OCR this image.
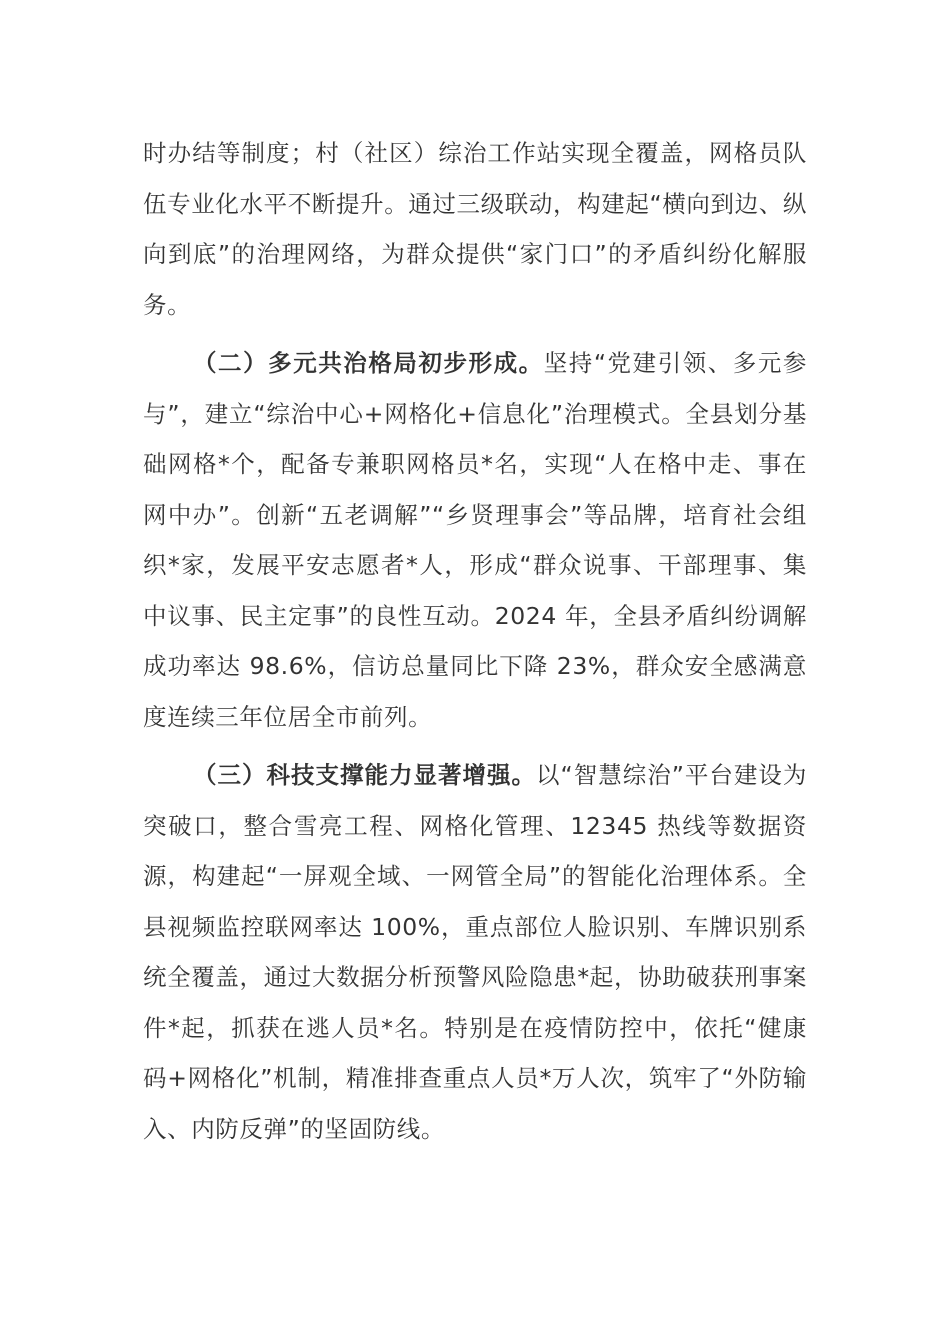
时办结等制度；村（社区）综治工作站实现全覆盖，网格员队伍专业化水平不断提升。通过三级联动，构建起“横向到边、纵向到底”的治理网络，为群众提供“家门口”的矛盾纠纷化解服务。

（二）多元共治格局初步形成。坚持“党建引领、多元参与”，建立“综治中心+网格化+信息化”治理模式。全县划分基础网格*个，配备专兼职网格员*名，实现“人在格中走、事在网中办”。创新“五老调解”“乡贤理事会”等品牌，培育社会组织*家，发展平安志愿者*人，形成“群众说事、干部理事、集中议事、民主定事”的良性互动。2024 年，全县矛盾纠纷调解成功率达 98.6%，信访总量同比下降 23%，群众安全感满意度连续三年位居全市前列。

（三）科技支撑能力显著增强。以“智慧综治”平台建设为突破口，整合雪亮工程、网格化管理、12345 热线等数据资源，构建起“一屏观全域、一网管全局”的智能化治理体系。全县视频监控联网率达 100%，重点部位人脸识别、车牌识别系统全覆盖，通过大数据分析预警风险隐患*起，协助破获刑事案件*起，抓获在逃人员*名。特别是在疫情防控中，依托“健康码+网格化”机制，精准排查重点人员*万人次，筑牢了“外防输入、内防反弹”的坚固防线。
